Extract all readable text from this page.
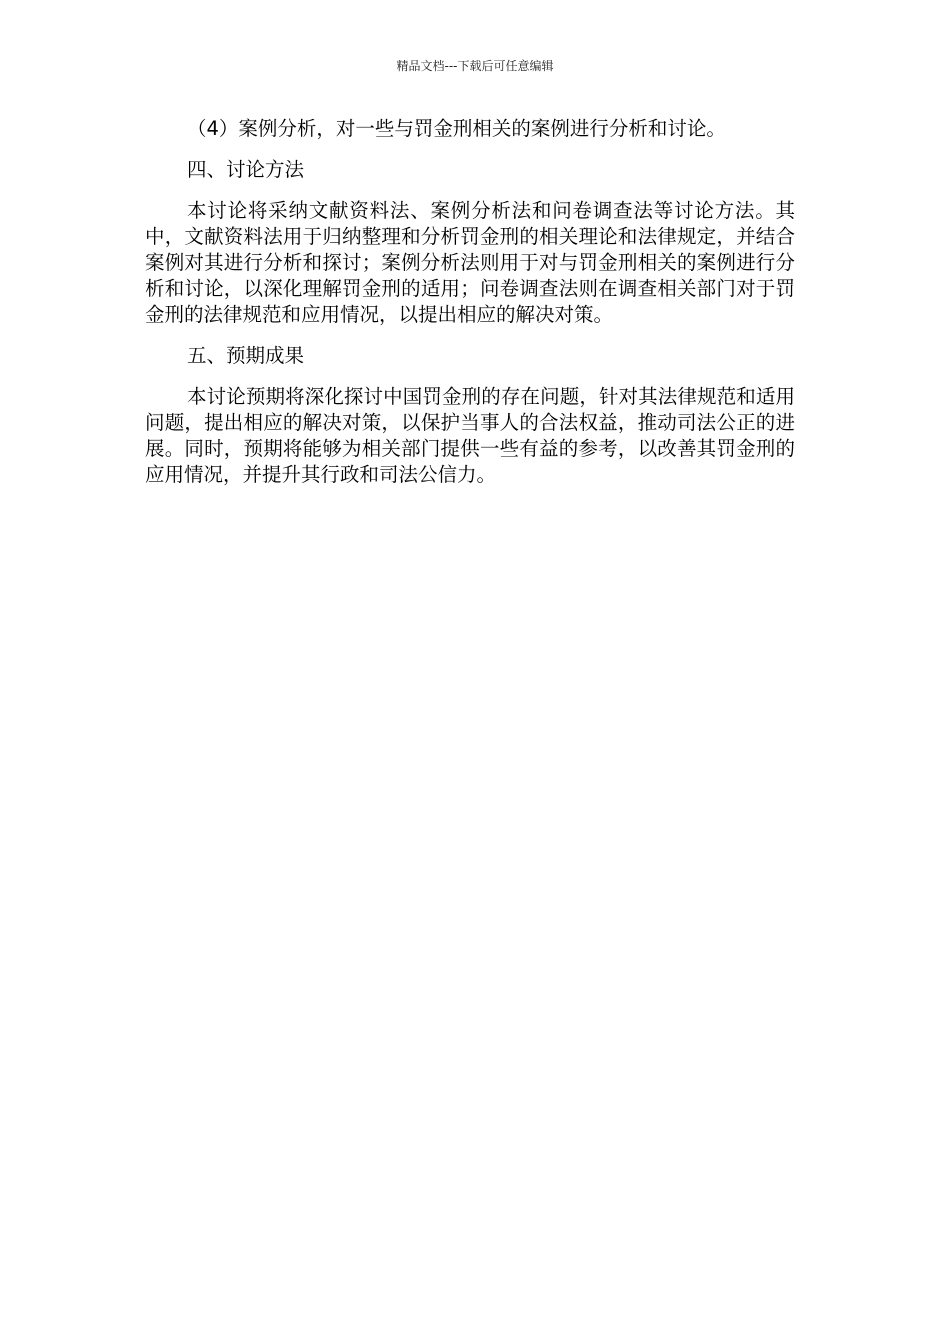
精品文档---下载后可任意编辑

（4）案例分析，对一些与罚金刑相关的案例进行分析和讨论。

四、讨论方法

本讨论将采纳文献资料法、案例分析法和问卷调查法等讨论方法。其中，文献资料法用于归纳整理和分析罚金刑的相关理论和法律规定，并结合案例对其进行分析和探讨；案例分析法则用于对与罚金刑相关的案例进行分析和讨论，以深化理解罚金刑的适用；问卷调查法则在调查相关部门对于罚金刑的法律规范和应用情况，以提出相应的解决对策。

五、预期成果

本讨论预期将深化探讨中国罚金刑的存在问题，针对其法律规范和适用问题，提出相应的解决对策，以保护当事人的合法权益，推动司法公正的进展。同时，预期将能够为相关部门提供一些有益的参考，以改善其罚金刑的应用情况，并提升其行政和司法公信力。
